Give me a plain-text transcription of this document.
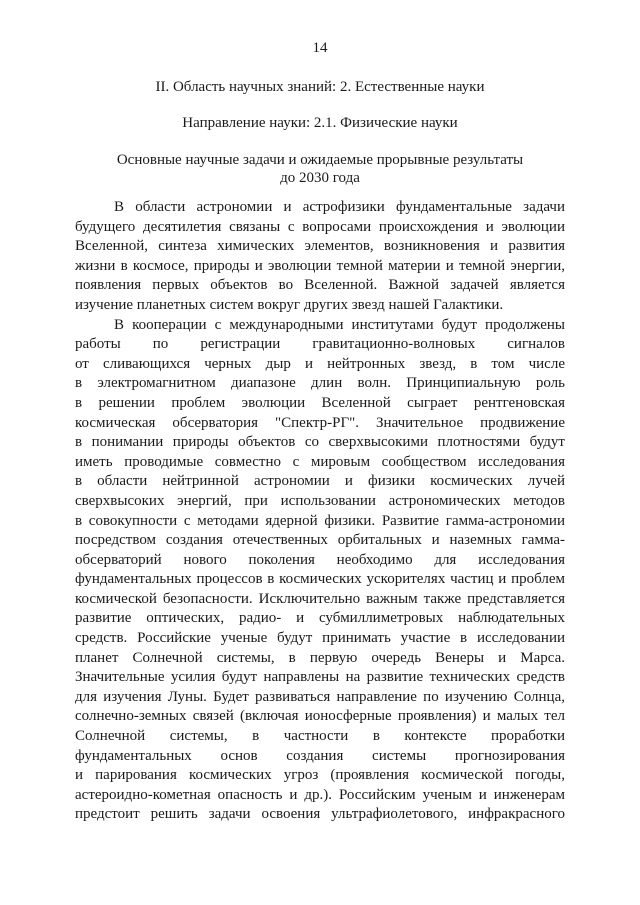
14
II. Область научных знаний: 2. Естественные науки
Направление науки: 2.1. Физические науки
Основные научные задачи и ожидаемые прорывные результаты
до 2030 года
В области астрономии и астрофизики фундаментальные задачи
будущего десятилетия связаны с вопросами происхождения и эволюции
Вселенной, синтеза химических элементов, возникновения и развития
жизни в космосе, природы и эволюции темной материи и темной энергии,
появления первых объектов во Вселенной. Важной задачей является
изучение планетных систем вокруг других звезд нашей Галактики.
В кооперации с международными институтами будут продолжены
работы по регистрации гравитационно-волновых сигналов
от сливающихся черных дыр и нейтронных звезд, в том числе
в электромагнитном диапазоне длин волн. Принципиальную роль
в решении проблем эволюции Вселенной сыграет рентгеновская
космическая обсерватория "Спектр-РГ". Значительное продвижение
в понимании природы объектов со сверхвысокими плотностями будут
иметь проводимые совместно с мировым сообществом исследования
в области нейтринной астрономии и физики космических лучей
сверхвысоких энергий, при использовании астрономических методов
в совокупности с методами ядерной физики. Развитие гамма-астрономии
посредством создания отечественных орбитальных и наземных гамма-
обсерваторий нового поколения необходимо для исследования
фундаментальных процессов в космических ускорителях частиц и проблем
космической безопасности. Исключительно важным также представляется
развитие оптических, радио- и субмиллиметровых наблюдательных
средств. Российские ученые будут принимать участие в исследовании
планет Солнечной системы, в первую очередь Венеры и Марса.
Значительные усилия будут направлены на развитие технических средств
для изучения Луны. Будет развиваться направление по изучению Солнца,
солнечно-земных связей (включая ионосферные проявления) и малых тел
Солнечной системы, в частности в контексте проработки
фундаментальных основ создания системы прогнозирования
и парирования космических угроз (проявления космической погоды,
астероидно-кометная опасность и др.). Российским ученым и инженерам
предстоит решить задачи освоения ультрафиолетового, инфракрасного
